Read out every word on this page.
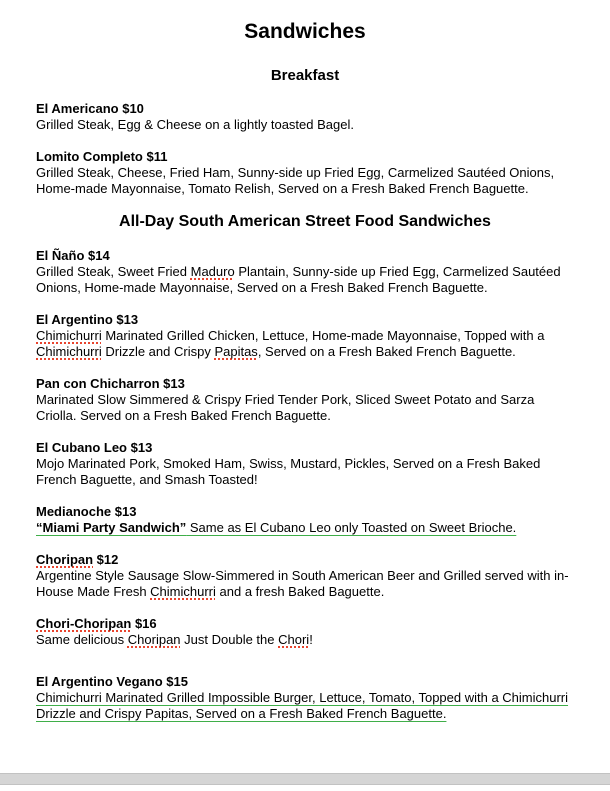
Sandwiches
Breakfast

El Americano $10

Grilled Steak, Egg & Cheese on a lightly toasted Bagel.

Lomito Completo $11

Grilled Steak, Cheese, Fried Ham, Sunny-side up Fried Egg, Carmelized Sautéed Onions, Home-made Mayonnaise, Tomato Relish, Served on a Fresh Baked French Baguette.

All-Day South American Street Food Sandwiches

El Ñaño $14

Grilled Steak, Sweet Fried Maduro Plantain, Sunny-side up Fried Egg, Carmelized Sautéed Onions, Home-made Mayonnaise, Served on a Fresh Baked French Baguette.

El Argentino $13

Chimichurri Marinated Grilled Chicken, Lettuce, Home-made Mayonnaise, Topped with a Chimichurri Drizzle and Crispy Papitas, Served on a Fresh Baked French Baguette.

Pan con Chicharron $13

Marinated Slow Simmered & Crispy Fried Tender Pork, Sliced Sweet Potato and Sarza Criolla. Served on a Fresh Baked French Baguette.

El Cubano Leo $13

Mojo Marinated Pork, Smoked Ham, Swiss, Mustard, Pickles, Served on a Fresh Baked French Baguette, and Smash Toasted!

Medianoche $13

“Miami Party Sandwich” Same as El Cubano Leo only Toasted on Sweet Brioche.

Choripan $12

Argentine Style Sausage Slow-Simmered in South American Beer and Grilled served with in-House Made Fresh Chimichurri and a fresh Baked Baguette.

Chori-Choripan $16

Same delicious Choripan Just Double the Chori!

El Argentino Vegano $15

Chimichurri Marinated Grilled Impossible Burger, Lettuce, Tomato, Topped with a Chimichurri Drizzle and Crispy Papitas, Served on a Fresh Baked French Baguette.
